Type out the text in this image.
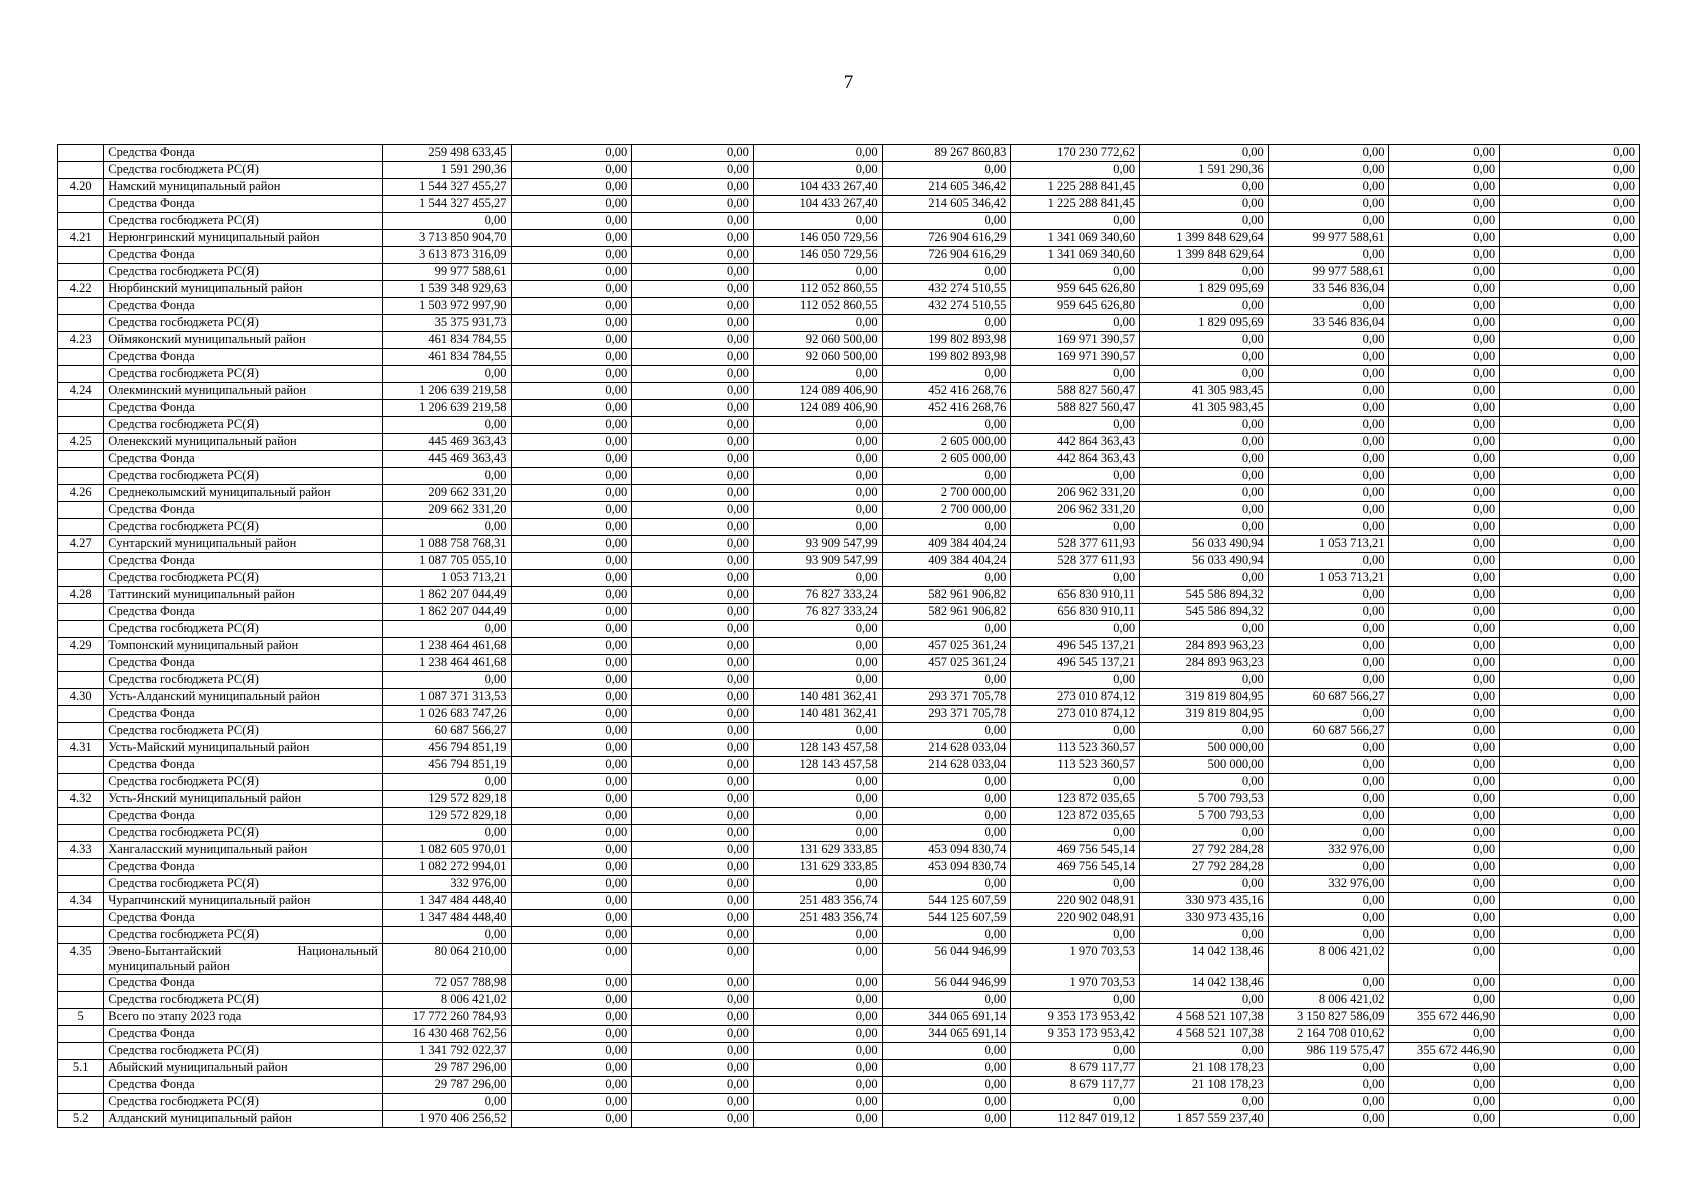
7
	Средства Фонда	259 498 633,45	0,00	0,00	0,00	89 267 860,83	170 230 772,62	0,00	0,00	0,00	0,00
	Средства госбюджета РС(Я)	1 591 290,36	0,00	0,00	0,00	0,00	0,00	1 591 290,36	0,00	0,00	0,00
4.20	Намский муниципальный район	1 544 327 455,27	0,00	0,00	104 433 267,40	214 605 346,42	1 225 288 841,45	0,00	0,00	0,00	0,00
	Средства Фонда	1 544 327 455,27	0,00	0,00	104 433 267,40	214 605 346,42	1 225 288 841,45	0,00	0,00	0,00	0,00
	Средства госбюджета РС(Я)	0,00	0,00	0,00	0,00	0,00	0,00	0,00	0,00	0,00	0,00
4.21	Нерюнгринский муниципальный район	3 713 850 904,70	0,00	0,00	146 050 729,56	726 904 616,29	1 341 069 340,60	1 399 848 629,64	99 977 588,61	0,00	0,00
	Средства Фонда	3 613 873 316,09	0,00	0,00	146 050 729,56	726 904 616,29	1 341 069 340,60	1 399 848 629,64	0,00	0,00	0,00
	Средства госбюджета РС(Я)	99 977 588,61	0,00	0,00	0,00	0,00	0,00	0,00	99 977 588,61	0,00	0,00
4.22	Нюрбинский муниципальный район	1 539 348 929,63	0,00	0,00	112 052 860,55	432 274 510,55	959 645 626,80	1 829 095,69	33 546 836,04	0,00	0,00
	Средства Фонда	1 503 972 997,90	0,00	0,00	112 052 860,55	432 274 510,55	959 645 626,80	0,00	0,00	0,00	0,00
	Средства госбюджета РС(Я)	35 375 931,73	0,00	0,00	0,00	0,00	0,00	1 829 095,69	33 546 836,04	0,00	0,00
4.23	Оймяконский муниципальный район	461 834 784,55	0,00	0,00	92 060 500,00	199 802 893,98	169 971 390,57	0,00	0,00	0,00	0,00
	Средства Фонда	461 834 784,55	0,00	0,00	92 060 500,00	199 802 893,98	169 971 390,57	0,00	0,00	0,00	0,00
	Средства госбюджета РС(Я)	0,00	0,00	0,00	0,00	0,00	0,00	0,00	0,00	0,00	0,00
4.24	Олекминский муниципальный район	1 206 639 219,58	0,00	0,00	124 089 406,90	452 416 268,76	588 827 560,47	41 305 983,45	0,00	0,00	0,00
	Средства Фонда	1 206 639 219,58	0,00	0,00	124 089 406,90	452 416 268,76	588 827 560,47	41 305 983,45	0,00	0,00	0,00
	Средства госбюджета РС(Я)	0,00	0,00	0,00	0,00	0,00	0,00	0,00	0,00	0,00	0,00
4.25	Оленекский муниципальный район	445 469 363,43	0,00	0,00	0,00	2 605 000,00	442 864 363,43	0,00	0,00	0,00	0,00
	Средства Фонда	445 469 363,43	0,00	0,00	0,00	2 605 000,00	442 864 363,43	0,00	0,00	0,00	0,00
	Средства госбюджета РС(Я)	0,00	0,00	0,00	0,00	0,00	0,00	0,00	0,00	0,00	0,00
4.26	Среднеколымский муниципальный район	209 662 331,20	0,00	0,00	0,00	2 700 000,00	206 962 331,20	0,00	0,00	0,00	0,00
	Средства Фонда	209 662 331,20	0,00	0,00	0,00	2 700 000,00	206 962 331,20	0,00	0,00	0,00	0,00
	Средства госбюджета РС(Я)	0,00	0,00	0,00	0,00	0,00	0,00	0,00	0,00	0,00	0,00
4.27	Сунтарский муниципальный район	1 088 758 768,31	0,00	0,00	93 909 547,99	409 384 404,24	528 377 611,93	56 033 490,94	1 053 713,21	0,00	0,00
	Средства Фонда	1 087 705 055,10	0,00	0,00	93 909 547,99	409 384 404,24	528 377 611,93	56 033 490,94	0,00	0,00	0,00
	Средства госбюджета РС(Я)	1 053 713,21	0,00	0,00	0,00	0,00	0,00	0,00	1 053 713,21	0,00	0,00
4.28	Таттинский муниципальный район	1 862 207 044,49	0,00	0,00	76 827 333,24	582 961 906,82	656 830 910,11	545 586 894,32	0,00	0,00	0,00
	Средства Фонда	1 862 207 044,49	0,00	0,00	76 827 333,24	582 961 906,82	656 830 910,11	545 586 894,32	0,00	0,00	0,00
	Средства госбюджета РС(Я)	0,00	0,00	0,00	0,00	0,00	0,00	0,00	0,00	0,00	0,00
4.29	Томпонский муниципальный район	1 238 464 461,68	0,00	0,00	0,00	457 025 361,24	496 545 137,21	284 893 963,23	0,00	0,00	0,00
	Средства Фонда	1 238 464 461,68	0,00	0,00	0,00	457 025 361,24	496 545 137,21	284 893 963,23	0,00	0,00	0,00
	Средства госбюджета РС(Я)	0,00	0,00	0,00	0,00	0,00	0,00	0,00	0,00	0,00	0,00
4.30	Усть-Алданский муниципальный район	1 087 371 313,53	0,00	0,00	140 481 362,41	293 371 705,78	273 010 874,12	319 819 804,95	60 687 566,27	0,00	0,00
	Средства Фонда	1 026 683 747,26	0,00	0,00	140 481 362,41	293 371 705,78	273 010 874,12	319 819 804,95	0,00	0,00	0,00
	Средства госбюджета РС(Я)	60 687 566,27	0,00	0,00	0,00	0,00	0,00	0,00	60 687 566,27	0,00	0,00
4.31	Усть-Майский муниципальный район	456 794 851,19	0,00	0,00	128 143 457,58	214 628 033,04	113 523 360,57	500 000,00	0,00	0,00	0,00
	Средства Фонда	456 794 851,19	0,00	0,00	128 143 457,58	214 628 033,04	113 523 360,57	500 000,00	0,00	0,00	0,00
	Средства госбюджета РС(Я)	0,00	0,00	0,00	0,00	0,00	0,00	0,00	0,00	0,00	0,00
4.32	Усть-Янский муниципальный район	129 572 829,18	0,00	0,00	0,00	0,00	123 872 035,65	5 700 793,53	0,00	0,00	0,00
	Средства Фонда	129 572 829,18	0,00	0,00	0,00	0,00	123 872 035,65	5 700 793,53	0,00	0,00	0,00
	Средства госбюджета РС(Я)	0,00	0,00	0,00	0,00	0,00	0,00	0,00	0,00	0,00	0,00
4.33	Хангаласский муниципальный район	1 082 605 970,01	0,00	0,00	131 629 333,85	453 094 830,74	469 756 545,14	27 792 284,28	332 976,00	0,00	0,00
	Средства Фонда	1 082 272 994,01	0,00	0,00	131 629 333,85	453 094 830,74	469 756 545,14	27 792 284,28	0,00	0,00	0,00
	Средства госбюджета РС(Я)	332 976,00	0,00	0,00	0,00	0,00	0,00	0,00	332 976,00	0,00	0,00
4.34	Чурапчинский муниципальный район	1 347 484 448,40	0,00	0,00	251 483 356,74	544 125 607,59	220 902 048,91	330 973 435,16	0,00	0,00	0,00
	Средства Фонда	1 347 484 448,40	0,00	0,00	251 483 356,74	544 125 607,59	220 902 048,91	330 973 435,16	0,00	0,00	0,00
	Средства госбюджета РС(Я)	0,00	0,00	0,00	0,00	0,00	0,00	0,00	0,00	0,00	0,00
4.35	Эвено-Бытантайский Национальный муниципальный район	80 064 210,00	0,00	0,00	0,00	56 044 946,99	1 970 703,53	14 042 138,46	8 006 421,02	0,00	0,00
	Средства Фонда	72 057 788,98	0,00	0,00	0,00	56 044 946,99	1 970 703,53	14 042 138,46	0,00	0,00	0,00
	Средства госбюджета РС(Я)	8 006 421,02	0,00	0,00	0,00	0,00	0,00	0,00	8 006 421,02	0,00	0,00
5	Всего по этапу 2023 года	17 772 260 784,93	0,00	0,00	0,00	344 065 691,14	9 353 173 953,42	4 568 521 107,38	3 150 827 586,09	355 672 446,90	0,00
	Средства Фонда	16 430 468 762,56	0,00	0,00	0,00	344 065 691,14	9 353 173 953,42	4 568 521 107,38	2 164 708 010,62	0,00	0,00
	Средства госбюджета РС(Я)	1 341 792 022,37	0,00	0,00	0,00	0,00	0,00	0,00	986 119 575,47	355 672 446,90	0,00
5.1	Абыйский муниципальный район	29 787 296,00	0,00	0,00	0,00	0,00	8 679 117,77	21 108 178,23	0,00	0,00	0,00
	Средства Фонда	29 787 296,00	0,00	0,00	0,00	0,00	8 679 117,77	21 108 178,23	0,00	0,00	0,00
	Средства госбюджета РС(Я)	0,00	0,00	0,00	0,00	0,00	0,00	0,00	0,00	0,00	0,00
5.2	Алданский муниципальный район	1 970 406 256,52	0,00	0,00	0,00	0,00	112 847 019,12	1 857 559 237,40	0,00	0,00	0,00
